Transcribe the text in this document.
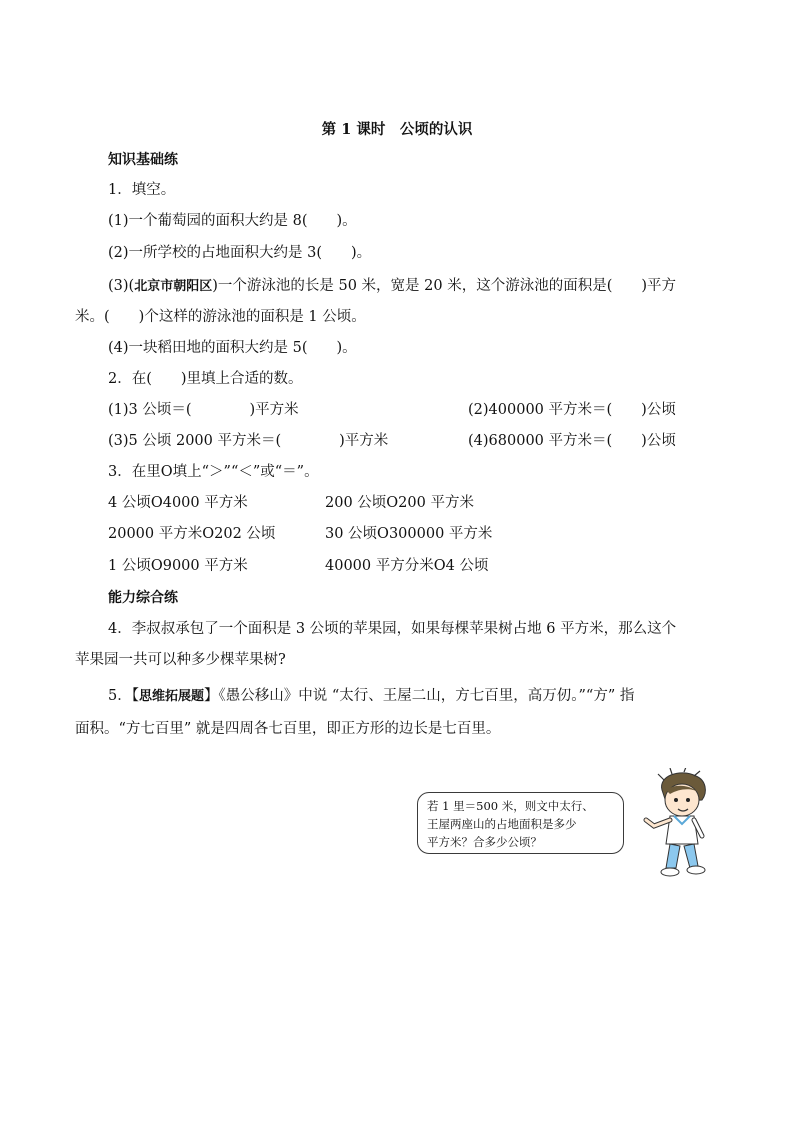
第 1 课时　公顷的认识
知识基础练
1．填空。
(1)一个葡萄园的面积大约是 8(　　)。
(2)一所学校的占地面积大约是 3(　　)。
(3)(北京市朝阳区)一个游泳池的长是 50 米，宽是 20 米，这个游泳池的面积是(　　)平方
米。(　　)个这样的游泳池的面积是 1 公顷。
(4)一块稻田地的面积大约是 5(　　)。
2．在(　　)里填上合适的数。
(1)3 公顷＝(　　　　)平方米	(2)400000 平方米＝(　　)公顷
(3)5 公顷 2000 平方米＝(　　　　)平方米	(4)680000 平方米＝(　　)公顷
3．在里O填上“＞”“＜”或“＝”。
4 公顷O4000 平方米	200 公顷O200 平方米
20000 平方米O202 公顷	30 公顷O300000 平方米
1 公顷O9000 平方米	40000 平方分米O4 公顷
能力综合练
4．李叔叔承包了一个面积是 3 公顷的苹果园，如果每棵苹果树占地 6 平方米，那么这个
苹果园一共可以种多少棵苹果树?
5．【思维拓展题】《愚公移山》中说 “太行、王屋二山，方七百里，高万仞。”“方” 指
面积。“方七百里” 就是四周各七百里，即正方形的边长是七百里。
若 1 里＝500 米，则文中太行、
王屋两座山的占地面积是多少
平方米？合多少公顷？
